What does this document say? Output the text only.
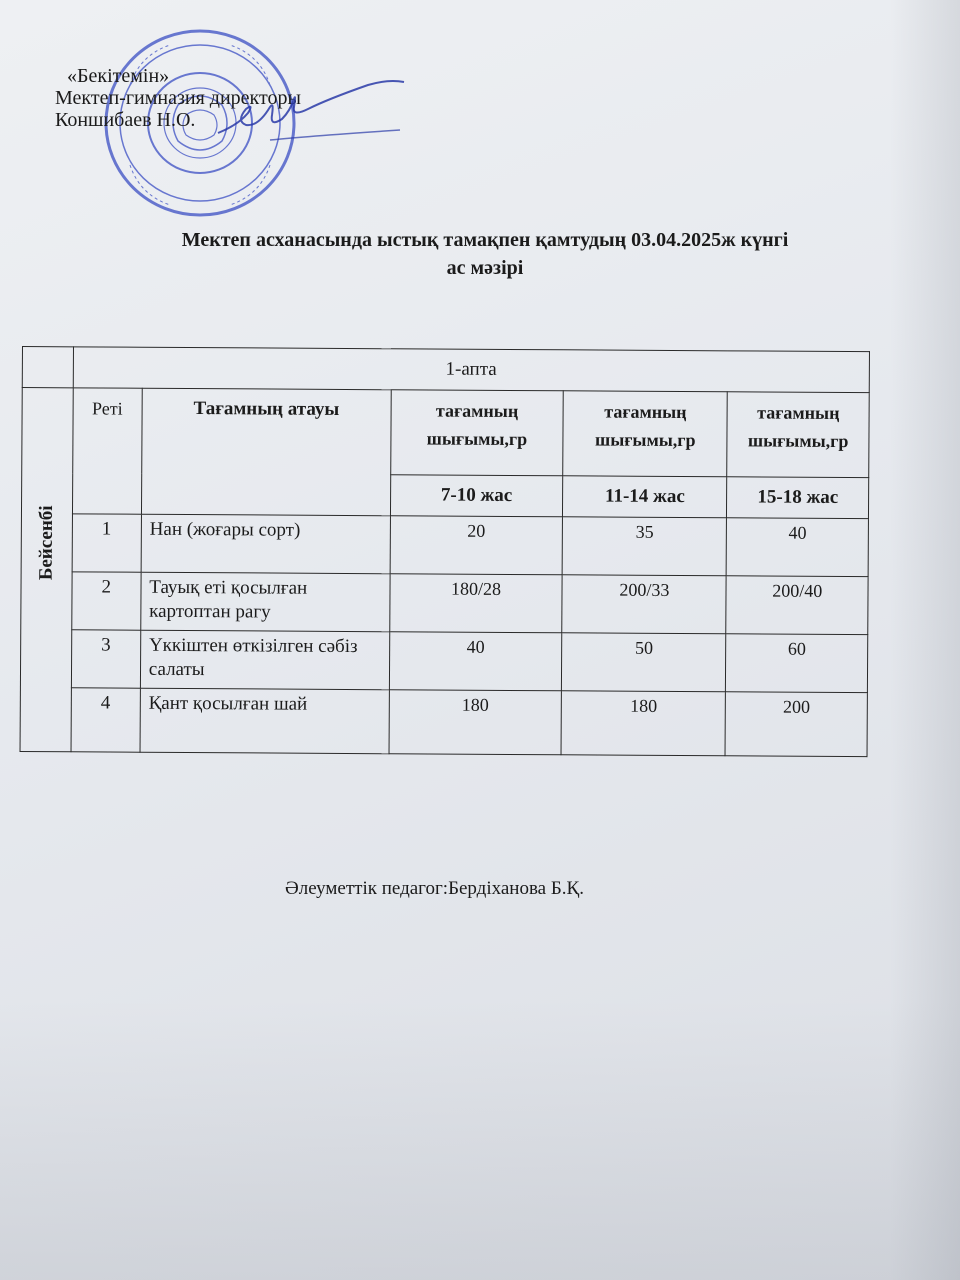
«Бекітемін»
Мектеп-гимназия директоры
Коншибаев Н.О.
Мектеп асханасында ыстық тамақпен қамтудың 03.04.2025ж күнгі
ас мәзірі
	1-апта				

Бейсенбі	Реті	Тағамның атауы	тағамның шығымы,гр	тағамның шығымы,гр	тағамның шығымы,гр
			7-10 жас	11-14 жас	15-18 жас
	1	Нан (жоғары сорт)	20	35	40
	2	Тауық еті қосылған картоптан рагу	180/28	200/33	200/40
	3	Үккіштен өткізілген сәбіз салаты	40	50	60
	4	Қант қосылған шай	180	180	200
Әлеуметтік педагог:Бердіханова Б.Қ.
